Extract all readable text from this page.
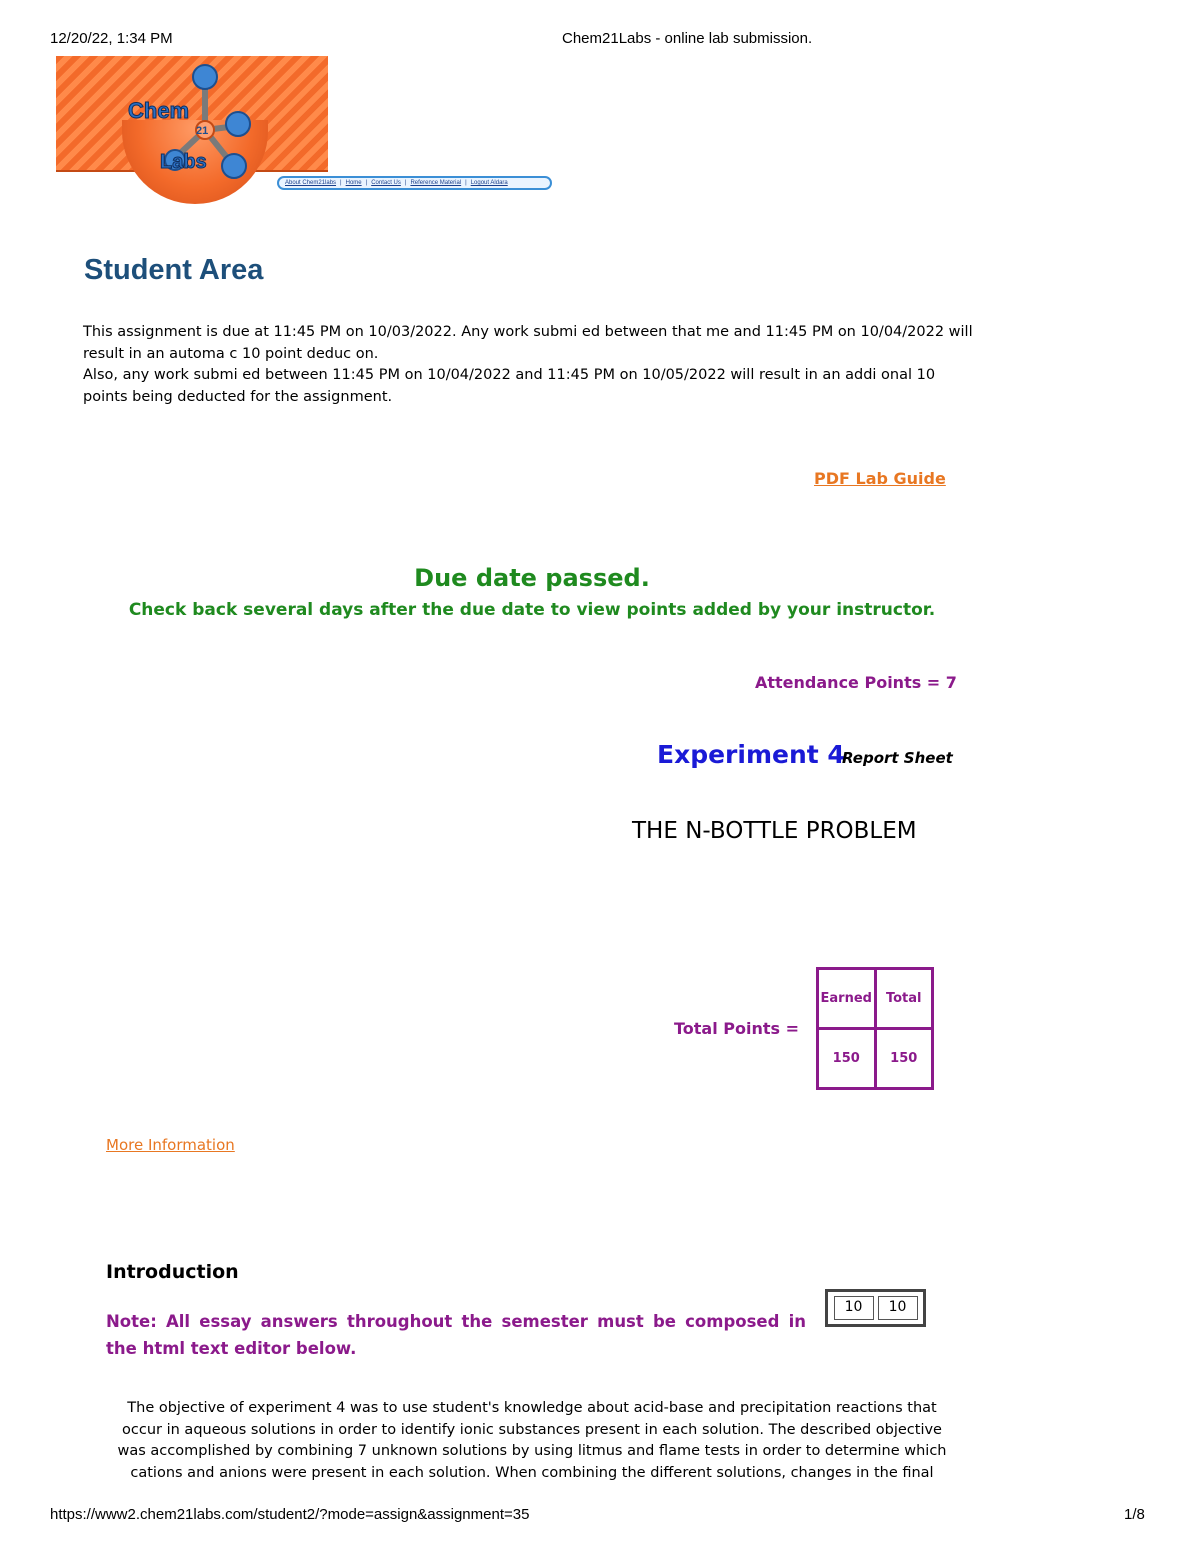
12/20/22, 1:34 PM	Chem21Labs - online lab submission.
Chem
21
Labs
About Chem21labs | Home | Contact Us | Reference Material | Logout Aldara
Student Area

This assignment is due at 11:45 PM on 10/03/2022. Any work submi ed between that me and 11:45 PM on 10/04/2022 will result in an automa c 10 point deduc on.

Also, any work submi ed between 11:45 PM on 10/04/2022 and 11:45 PM on 10/05/2022 will result in an addi onal 10 points being deducted for the assignment.

PDF Lab Guide
Due date passed.
Check back several days after the due date to view points added by your instructor.
Attendance Points = 7
Experiment 4
Report Sheet
THE N-BOTTLE PROBLEM
Total Points =
Earned	Total
150	150
More Information
Introduction
Note: All essay answers throughout the semester must be composed in the html text editor below.
10	10
The objective of experiment 4 was to use student's knowledge about acid-base and precipitation reactions that occur in aqueous solutions in order to identify ionic substances present in each solution. The described objective was accomplished by combining 7 unknown solutions by using litmus and flame tests in order to determine which cations and anions were present in each solution. When combining the different solutions, changes in the final
https://www2.chem21labs.com/student2/?mode=assign&assignment=35	1/8
